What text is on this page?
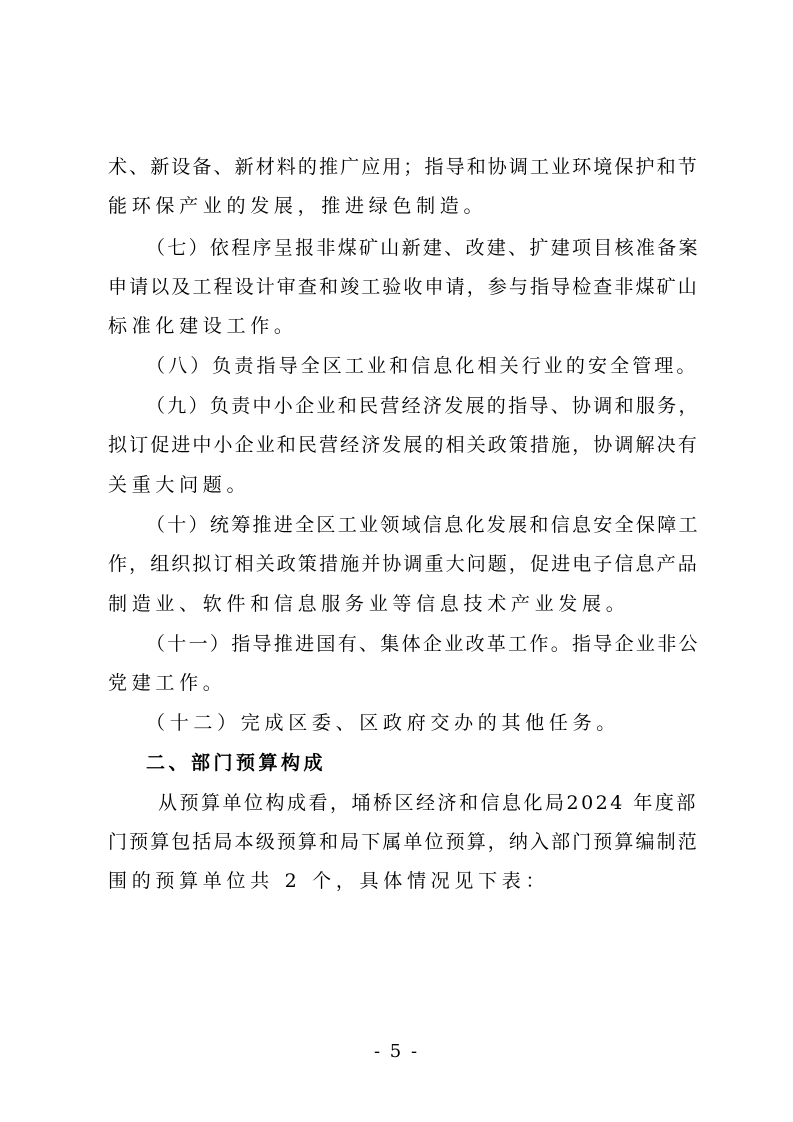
术、新设备、新材料的推广应用；指导和协调工业环境保护和节
能环保产业的发展，推进绿色制造。
（七）依程序呈报非煤矿山新建、改建、扩建项目核准备案
申请以及工程设计审查和竣工验收申请，参与指导检查非煤矿山
标准化建设工作。
（八）负责指导全区工业和信息化相关行业的安全管理。
（九）负责中小企业和民营经济发展的指导、协调和服务，
拟订促进中小企业和民营经济发展的相关政策措施，协调解决有
关重大问题。
（十）统筹推进全区工业领域信息化发展和信息安全保障工
作，组织拟订相关政策措施并协调重大问题，促进电子信息产品
制造业、软件和信息服务业等信息技术产业发展。
（十一）指导推进国有、集体企业改革工作。指导企业非公
党建工作。
（十二）完成区委、区政府交办的其他任务。
二、部门预算构成
从预算单位构成看，埇桥区经济和信息化局2024 年度部
门预算包括局本级预算和局下属单位预算，纳入部门预算编制范
围的预算单位共 2 个，具体情况见下表：
- 5 -
